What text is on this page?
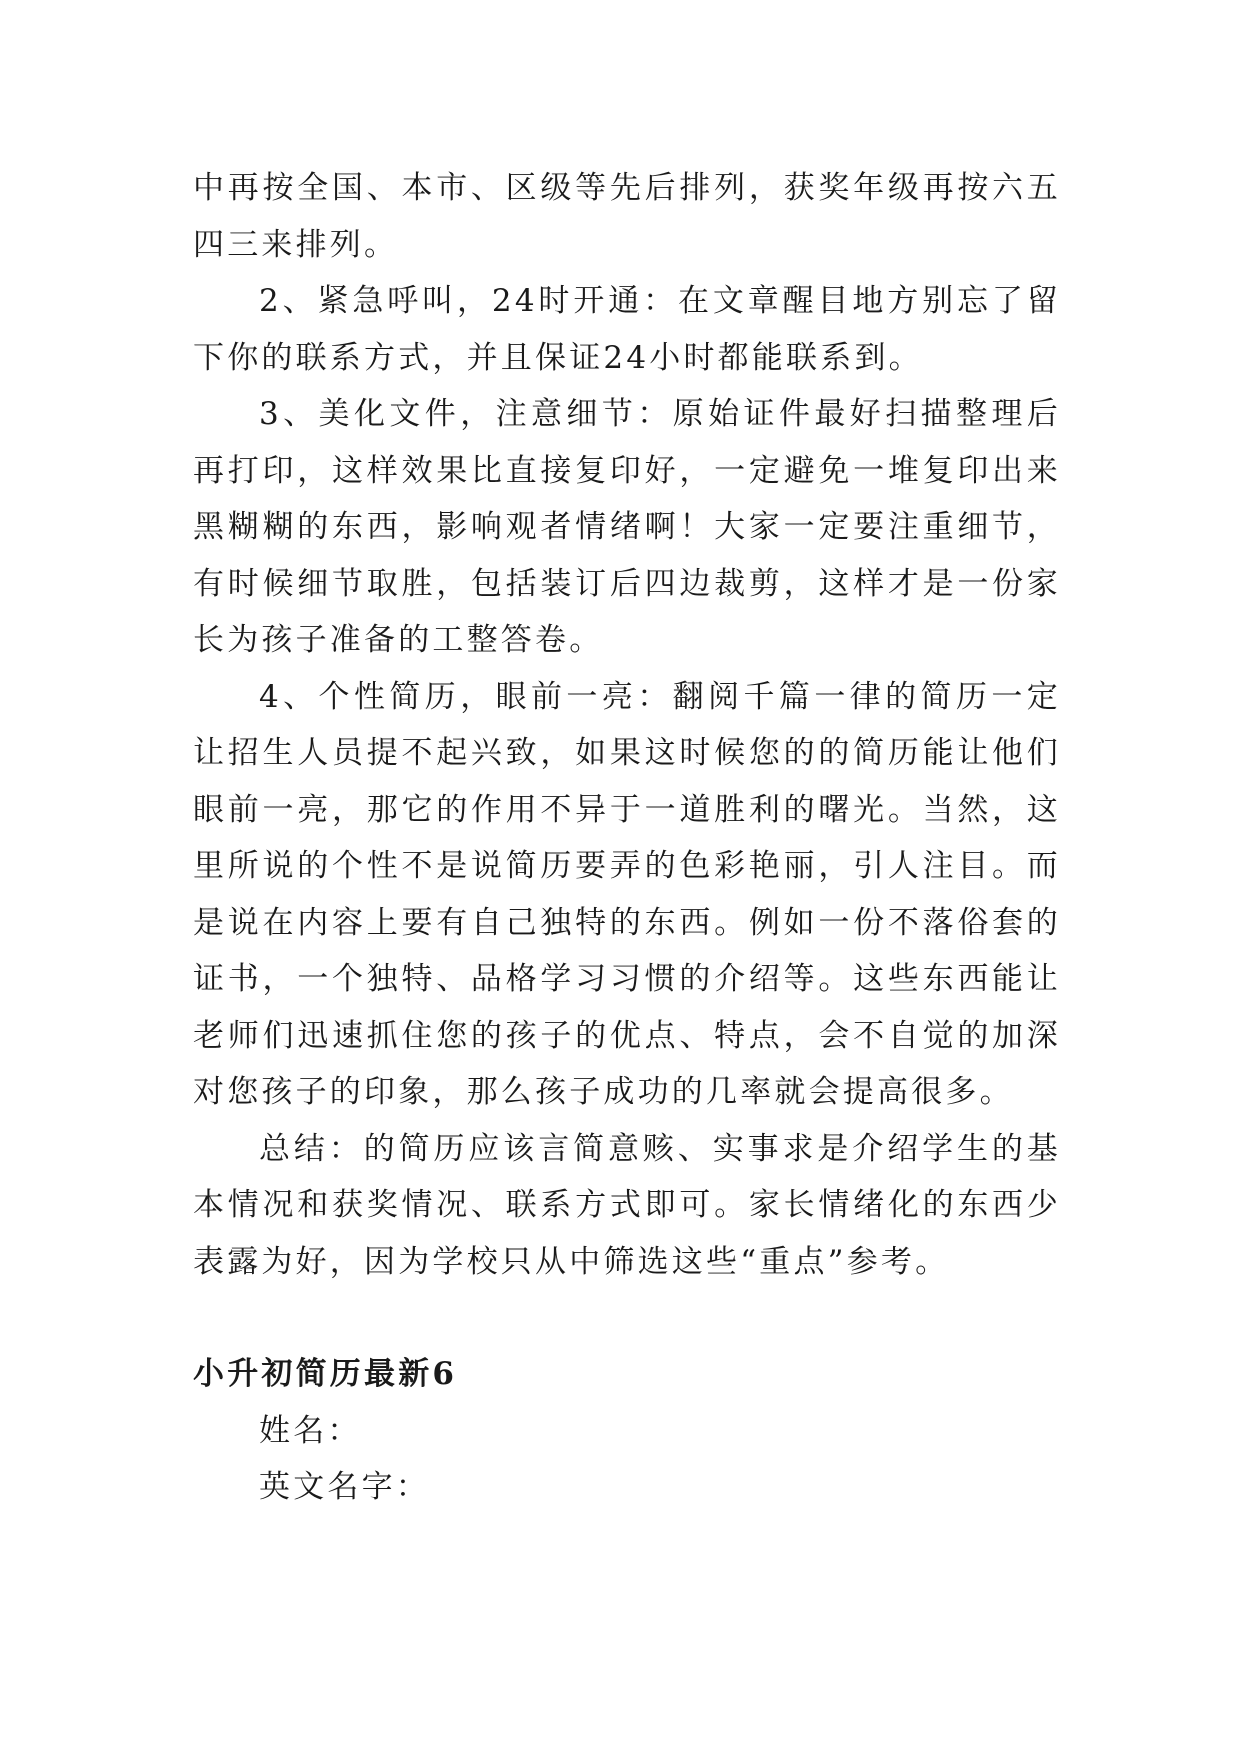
中再按全国、本市、区级等先后排列，获奖年级再按六五四三来排列。

2、紧急呼叫，24时开通：在文章醒目地方别忘了留下你的联系方式，并且保证24小时都能联系到。

3、美化文件，注意细节：原始证件最好扫描整理后再打印，这样效果比直接复印好，一定避免一堆复印出来黑糊糊的东西，影响观者情绪啊！大家一定要注重细节，有时候细节取胜，包括装订后四边裁剪，这样才是一份家长为孩子准备的工整答卷。

4、个性简历，眼前一亮：翻阅千篇一律的简历一定让招生人员提不起兴致，如果这时候您的的简历能让他们眼前一亮，那它的作用不异于一道胜利的曙光。当然，这里所说的个性不是说简历要弄的色彩艳丽，引人注目。而是说在内容上要有自己独特的东西。例如一份不落俗套的证书，一个独特、品格学习习惯的介绍等。这些东西能让老师们迅速抓住您的孩子的优点、特点，会不自觉的加深对您孩子的印象，那么孩子成功的几率就会提高很多。

总结：的简历应该言简意赅、实事求是介绍学生的基本情况和获奖情况、联系方式即可。家长情绪化的东西少表露为好，因为学校只从中筛选这些“重点”参考。

小升初简历最新6

姓名：

英文名字：
